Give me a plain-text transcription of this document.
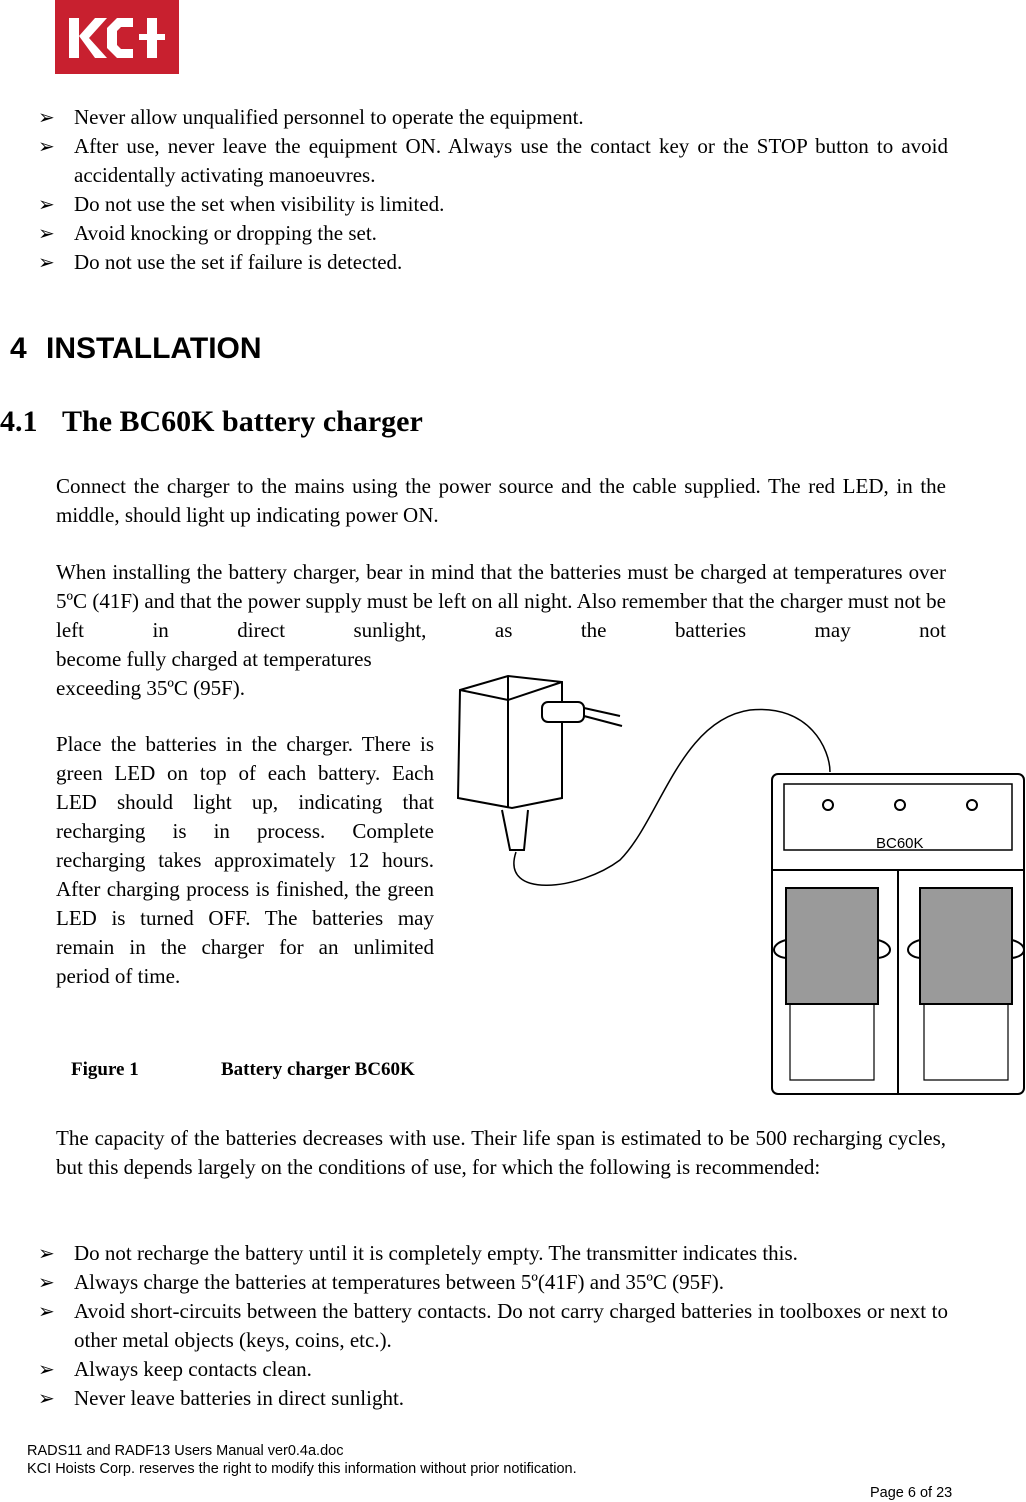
➢ Never allow unqualified personnel to operate the equipment.
➢ After use, never leave the equipment ON. Always use the contact key or the STOP button to avoid accidentally activating manoeuvres.
➢ Do not use the set when visibility is limited.
➢ Avoid knocking or dropping the set.
➢ Do not use the set if failure is detected.
4 INSTALLATION
4.1 The BC60K battery charger
Connect the charger to the mains using the power source and the cable supplied. The red LED, in the middle, should light up indicating power ON.
When installing the battery charger, bear in mind that the batteries must be charged at temperatures over 5ºC (41F) and that the power supply must be left on all night. Also remember that the charger must not be left in direct sunlight, as the batteries may not
become fully charged at temperatures
exceeding 35ºC (95F).
Place the batteries in the charger. There is green LED on top of each battery. Each LED should light up, indicating that recharging is in process. Complete recharging takes approximately 12 hours. After charging process is finished, the green LED is turned OFF. The batteries may remain in the charger for an unlimited period of time.
Figure 1	Battery charger BC60K
BC60K
The capacity of the batteries decreases with use. Their life span is estimated to be 500 recharging cycles, but this depends largely on the conditions of use, for which the following is recommended:
➢ Do not recharge the battery until it is completely empty. The transmitter indicates this.
➢ Always charge the batteries at temperatures between 5º(41F) and 35ºC (95F).
➢ Avoid short-circuits between the battery contacts. Do not carry charged batteries in toolboxes or next to other metal objects (keys, coins, etc.).
➢ Always keep contacts clean.
➢ Never leave batteries in direct sunlight.
RADS11 and RADF13 Users Manual ver0.4a.doc
KCI Hoists Corp. reserves the right to modify this information without prior notification.
Page 6 of 23
